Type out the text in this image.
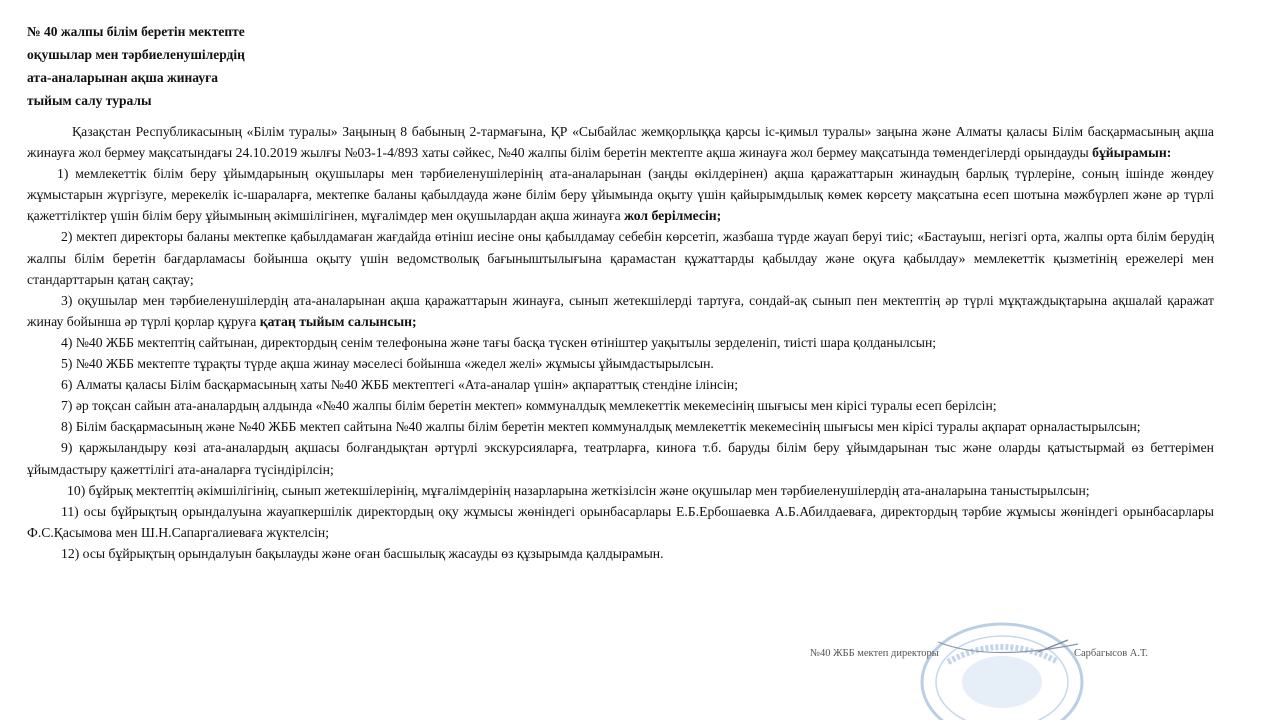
№ 40 жалпы білім беретін мектепте
оқушылар мен тәрбиеленушілердің
ата-аналарынан ақша жинауға
тыйым салу туралы

Қазақстан Республикасының «Білім туралы» Заңының 8 бабының 2-тармағына, ҚР «Сыбайлас жемқорлыққа қарсы іс-қимыл туралы» заңына және Алматы қаласы Білім басқармасының ақша жинауға жол бермеу мақсатындағы 24.10.2019 жылғы №03-1-4/893 хаты сәйкес, №40 жалпы білім беретін мектепте ақша жинауға жол бермеу мақсатында төмендегілерді орындауды бұйырамын:

1) мемлекеттік білім беру ұйымдарының оқушылары мен тәрбиеленушілерінің ата-аналарынан (заңды өкілдерінен) ақша қаражаттарын жинаудың барлық түрлеріне, соның ішінде жөндеу жұмыстарын жүргізуге, мерекелік іс-шараларға, мектепке баланы қабылдауда және білім беру ұйымында оқыту үшін қайырымдылық көмек көрсету мақсатына есеп шотына мәжбүрлеп және әр түрлі қажеттіліктер үшін білім беру ұйымының әкімшілігінен, мұғалімдер мен оқушылардан ақша жинауға жол берілмесін;

2) мектеп директоры баланы мектепке қабылдамаған жағдайда өтініш иесіне оны қабылдамау себебін көрсетіп, жазбаша түрде жауап беруі тиіс; «Бастауыш, негізгі орта, жалпы орта білім берудің жалпы білім беретін бағдарламасы бойынша оқыту үшін ведомстволық бағыныштылығына қарамастан құжаттарды қабылдау және оқуға қабылдау» мемлекеттік қызметінің ережелері мен стандарттарын қатаң сақтау;

3) оқушылар мен тәрбиеленушілердің ата-аналарынан ақша қаражаттарын жинауға, сынып жетекшілерді тартуға, сондай-ақ сынып пен мектептің әр түрлі мұқтаждықтарына ақшалай қаражат жинау бойынша әр түрлі қорлар құруға қатаң тыйым салынсын;

4) №40 ЖББ мектептің сайтынан, директордың сенім телефонына және тағы басқа түскен өтініштер уақытылы зерделеніп, тиісті шара қолданылсын;

5) №40 ЖББ мектепте тұрақты түрде ақша жинау мәселесі бойынша «жедел желі» жұмысы ұйымдастырылсын.

6) Алматы қаласы Білім басқармасының хаты №40 ЖББ мектептегі «Ата-аналар үшін» ақпараттық стендіне ілінсін;

7) әр тоқсан сайын ата-аналардың алдында «№40 жалпы білім беретін мектеп» коммуналдық мемлекеттік мекемесінің шығысы мен кірісі туралы есеп берілсін;

8) Білім басқармасының және №40 ЖББ мектеп сайтына №40 жалпы білім беретін мектеп коммуналдық мемлекеттік мекемесінің шығысы мен кірісі туралы ақпарат орналастырылсын;

9) қаржыландыру көзі ата-аналардың ақшасы болғандықтан әртүрлі экскурсияларға, театрларға, киноға т.б. баруды білім беру ұйымдарынан тыс және оларды қатыстырмай өз беттерімен ұйымдастыру қажеттілігі ата-аналарға түсіндірілсін;

10) бұйрық мектептің әкімшілігінің, сынып жетекшілерінің, мұғалімдерінің назарларына жеткізілсін және оқушылар мен тәрбиеленушілердің ата-аналарына таныстырылсын;

11) осы бұйрықтың орындалуына жауапкершілік директордың оқу жұмысы жөніндегі орынбасарлары Е.Б.Ербошаевка А.Б.Абилдаеваға, директордың тәрбие жұмысы жөніндегі орынбасарлары Ф.С.Қасымова мен Ш.Н.Сапаргалиеваға жүктелсін;

12) осы бұйрықтың орындалуын бақылауды және оған басшылық жасауды өз құзырымда қалдырамын.

№40 ЖББ мектеп директоры	Сарбагысов А.Т.
